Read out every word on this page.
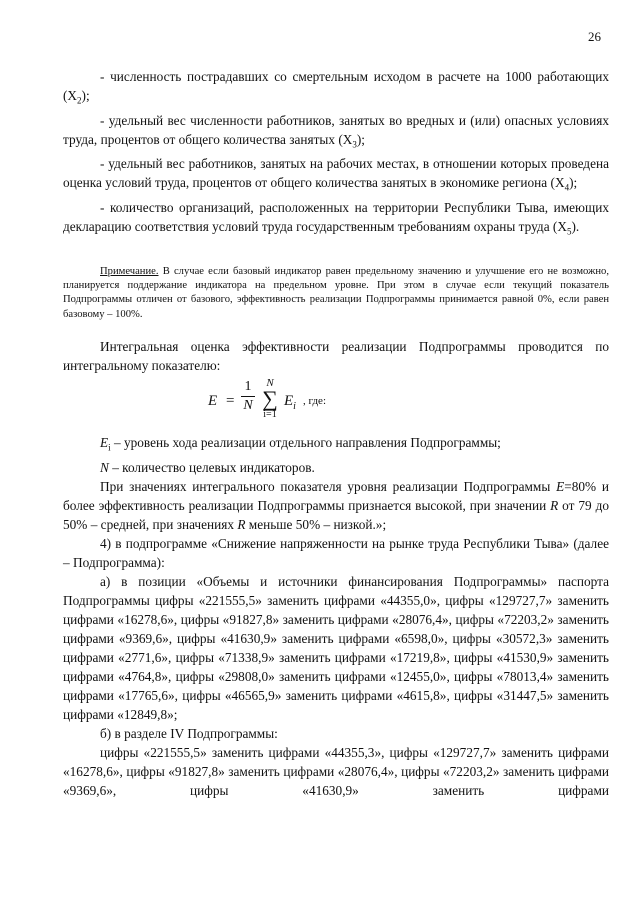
26

- численность пострадавших со смертельным исходом в расчете на 1000 работающих $(X_2)$;

- удельный вес численности работников, занятых во вредных и (или) опасных условиях труда, процентов от общего количества занятых $(X_3)$;

- удельный вес работников, занятых на рабочих местах, в отношении которых проведена оценка условий труда, процентов от общего количества занятых в экономике региона $(X_4)$;

- количество организаций, расположенных на территории Республики Тыва, имеющих декларацию соответствия условий труда государственным требованиям охраны труда $(X_5)$.

Примечание. В случае если базовый индикатор равен предельному значению и улучшение его не возможно, планируется поддержание индикатора на предельном уровне. При этом в случае если текущий показатель Подпрограммы отличен от базового, эффективность реализации Подпрограммы принимается равной 0%, если равен базовому – 100%.

Интегральная оценка эффективности реализации Подпрограммы проводится по интегральному показателю:

E =
1
N
N
∑
i=1
$E_i$ , где:

$E_i$ – уровень хода реализации отдельного направления Подпрограммы;

N – количество целевых индикаторов.

При значениях интегрального показателя уровня реализации Подпрограммы E=80% и более эффективность реализации Подпрограммы признается высокой, при значении R от 79 до 50% – средней, при значениях R меньше 50% – низкой.»;

4) в подпрограмме «Снижение напряженности на рынке труда Республики Тыва» (далее – Подпрограмма):

а) в позиции «Объемы и источники финансирования Подпрограммы» паспорта Подпрограммы цифры «221555,5» заменить цифрами «44355,0», цифры «129727,7» заменить цифрами «16278,6», цифры «91827,8» заменить цифрами «28076,4», цифры «72203,2» заменить цифрами «9369,6», цифры «41630,9» заменить цифрами «6598,0», цифры «30572,3» заменить цифрами «2771,6», цифры «71338,9» заменить цифрами «17219,8», цифры «41530,9» заменить цифрами «4764,8», цифры «29808,0» заменить цифрами «12455,0», цифры «78013,4» заменить цифрами «17765,6», цифры «46565,9» заменить цифрами «4615,8», цифры «31447,5» заменить цифрами «12849,8»;

б) в разделе IV Подпрограммы:

цифры «221555,5» заменить цифрами «44355,3», цифры «129727,7» заменить цифрами «16278,6», цифры «91827,8» заменить цифрами «28076,4», цифры «72203,2» заменить цифрами «9369,6», цифры «41630,9» заменить цифрами
